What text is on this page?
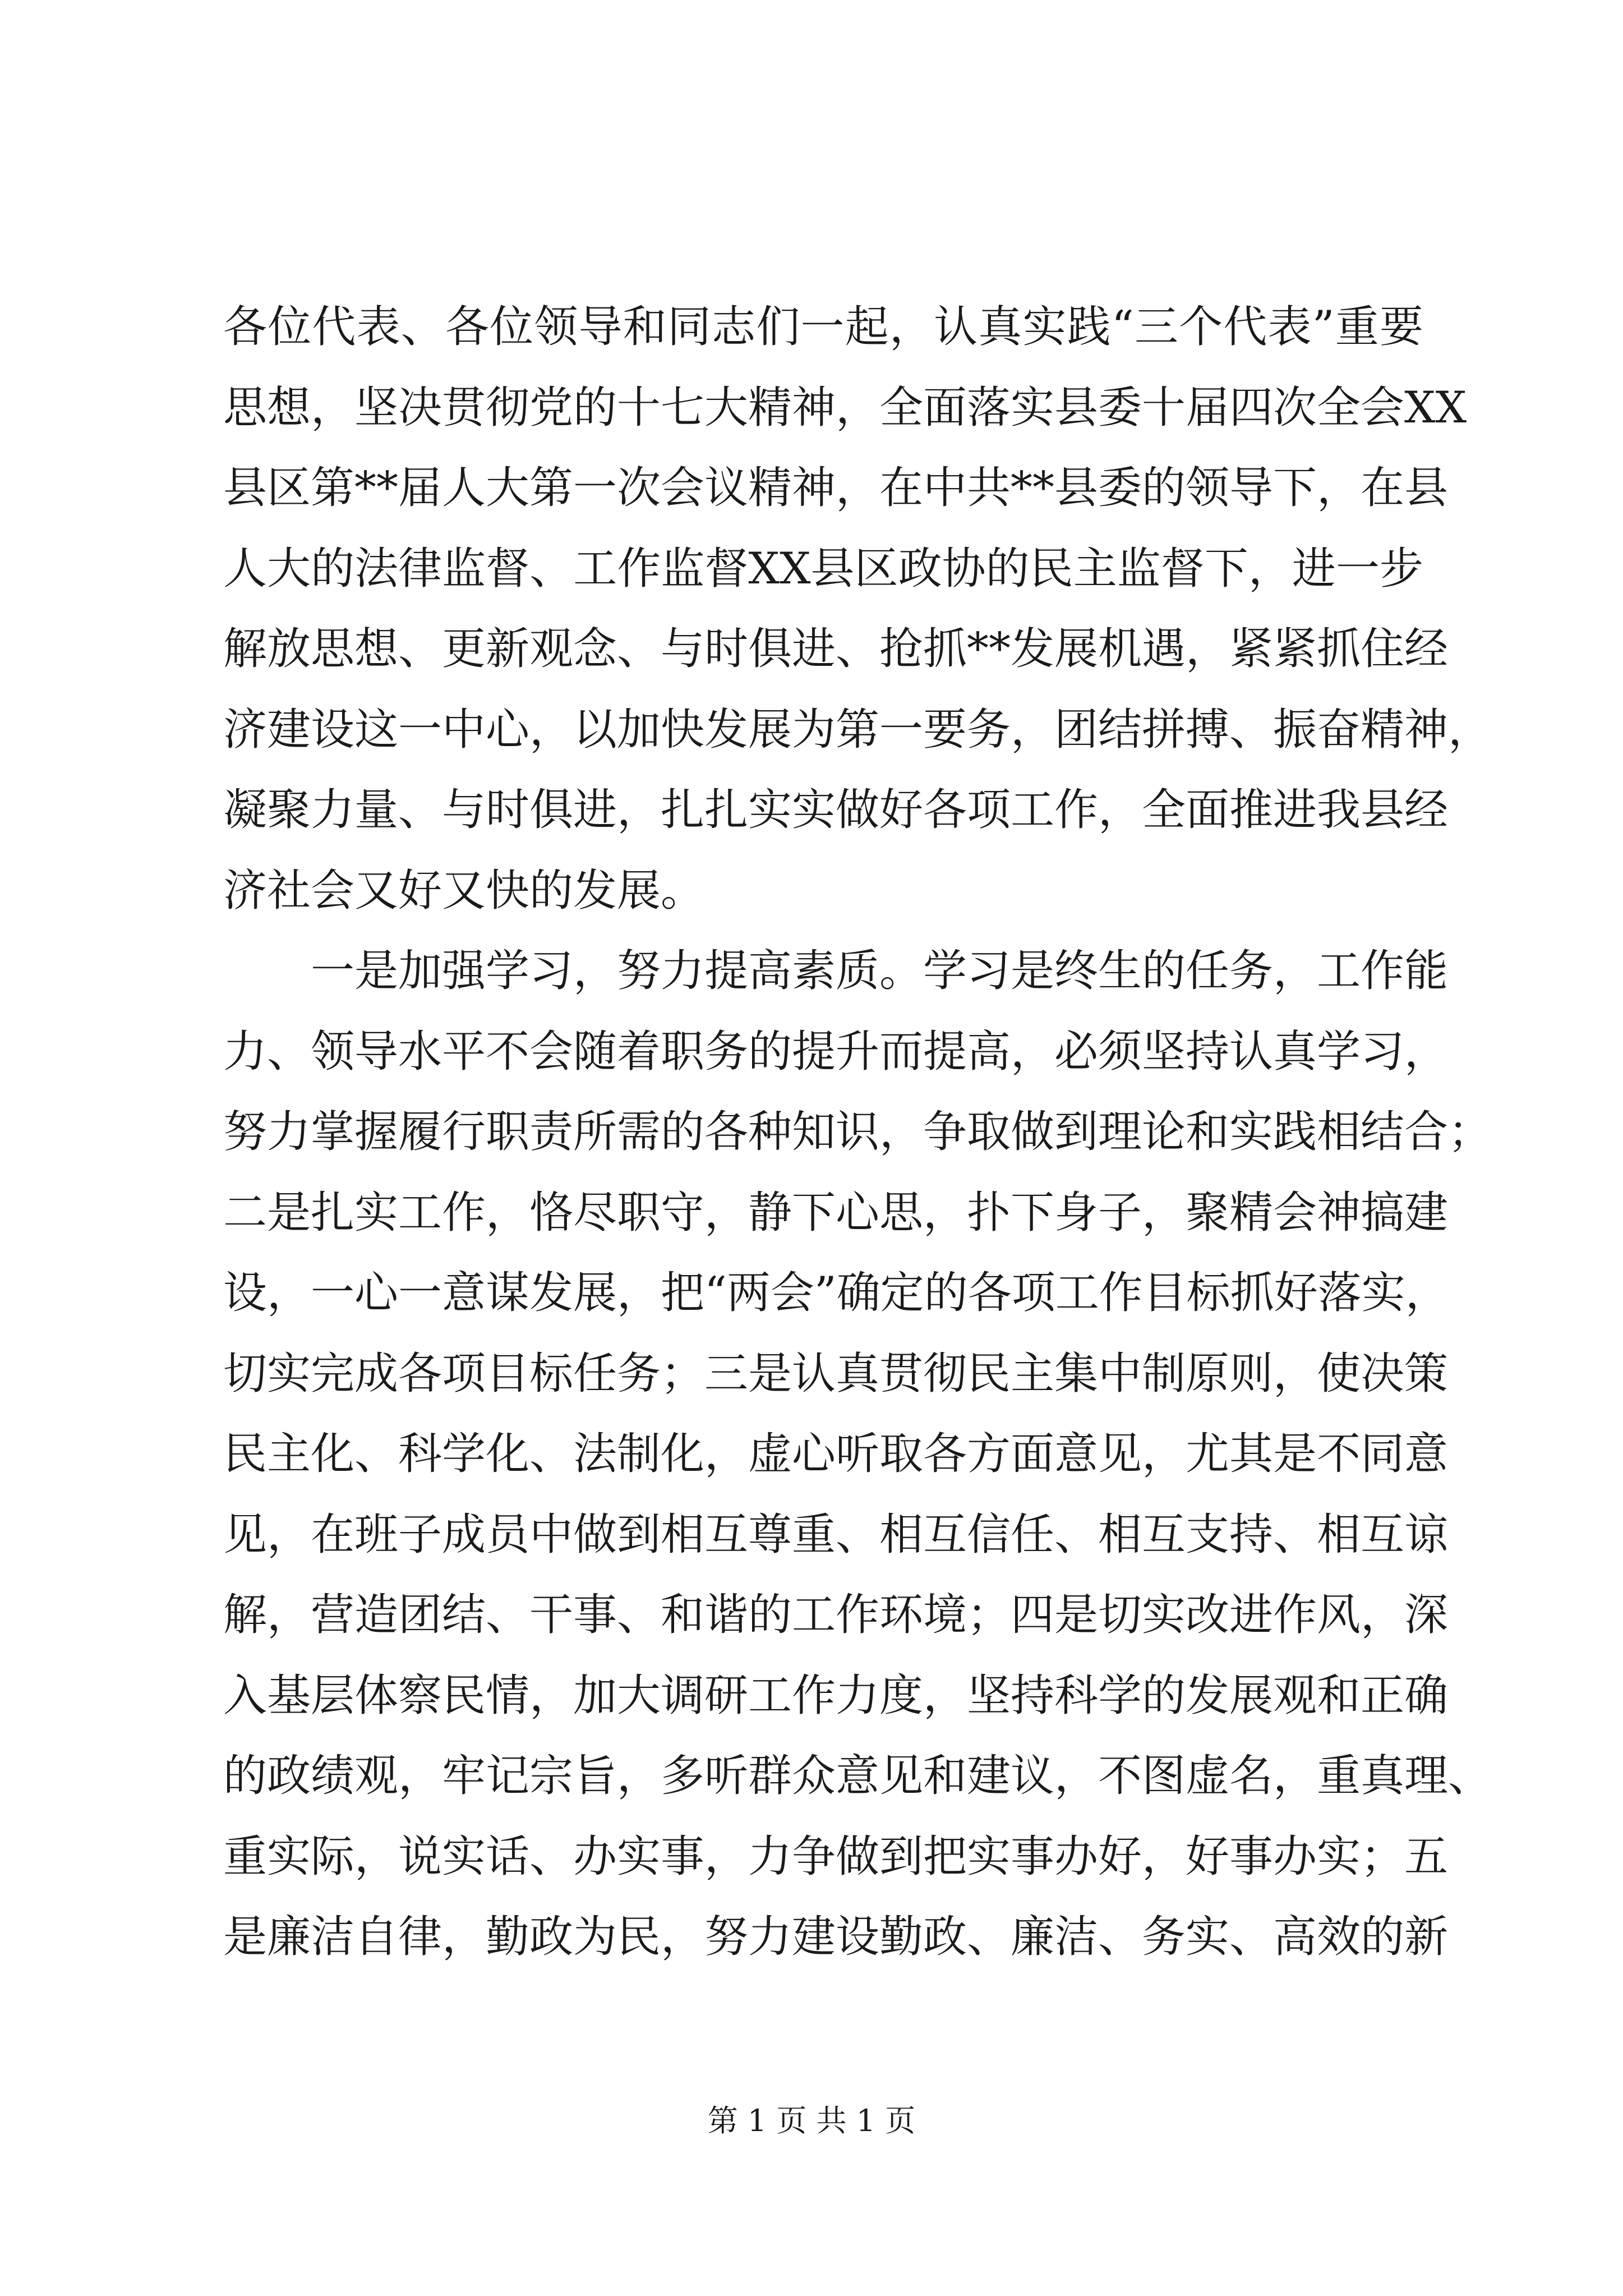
各位代表、各位领导和同志们一起，认真实践“三个代表”重要
思想，坚决贯彻党的十七大精神，全面落实县委十届四次全会XX
县区第**届人大第一次会议精神，在中共**县委的领导下，在县
人大的法律监督、工作监督XX县区政协的民主监督下，进一步
解放思想、更新观念、与时俱进、抢抓**发展机遇，紧紧抓住经
济建设这一中心，以加快发展为第一要务，团结拼搏、振奋精神，
凝聚力量、与时俱进，扎扎实实做好各项工作，全面推进我县经
济社会又好又快的发展。
一是加强学习，努力提高素质。学习是终生的任务，工作能
力、领导水平不会随着职务的提升而提高，必须坚持认真学习，
努力掌握履行职责所需的各种知识，争取做到理论和实践相结合；
二是扎实工作，恪尽职守，静下心思，扑下身子，聚精会神搞建
设，一心一意谋发展，把“两会”确定的各项工作目标抓好落实，
切实完成各项目标任务；三是认真贯彻民主集中制原则，使决策
民主化、科学化、法制化，虚心听取各方面意见，尤其是不同意
见，在班子成员中做到相互尊重、相互信任、相互支持、相互谅
解，营造团结、干事、和谐的工作环境；四是切实改进作风，深
入基层体察民情，加大调研工作力度，坚持科学的发展观和正确
的政绩观，牢记宗旨，多听群众意见和建议，不图虚名，重真理、
重实际，说实话、办实事，力争做到把实事办好，好事办实；五
是廉洁自律，勤政为民，努力建设勤政、廉洁、务实、高效的新
第 1 页 共 1 页
